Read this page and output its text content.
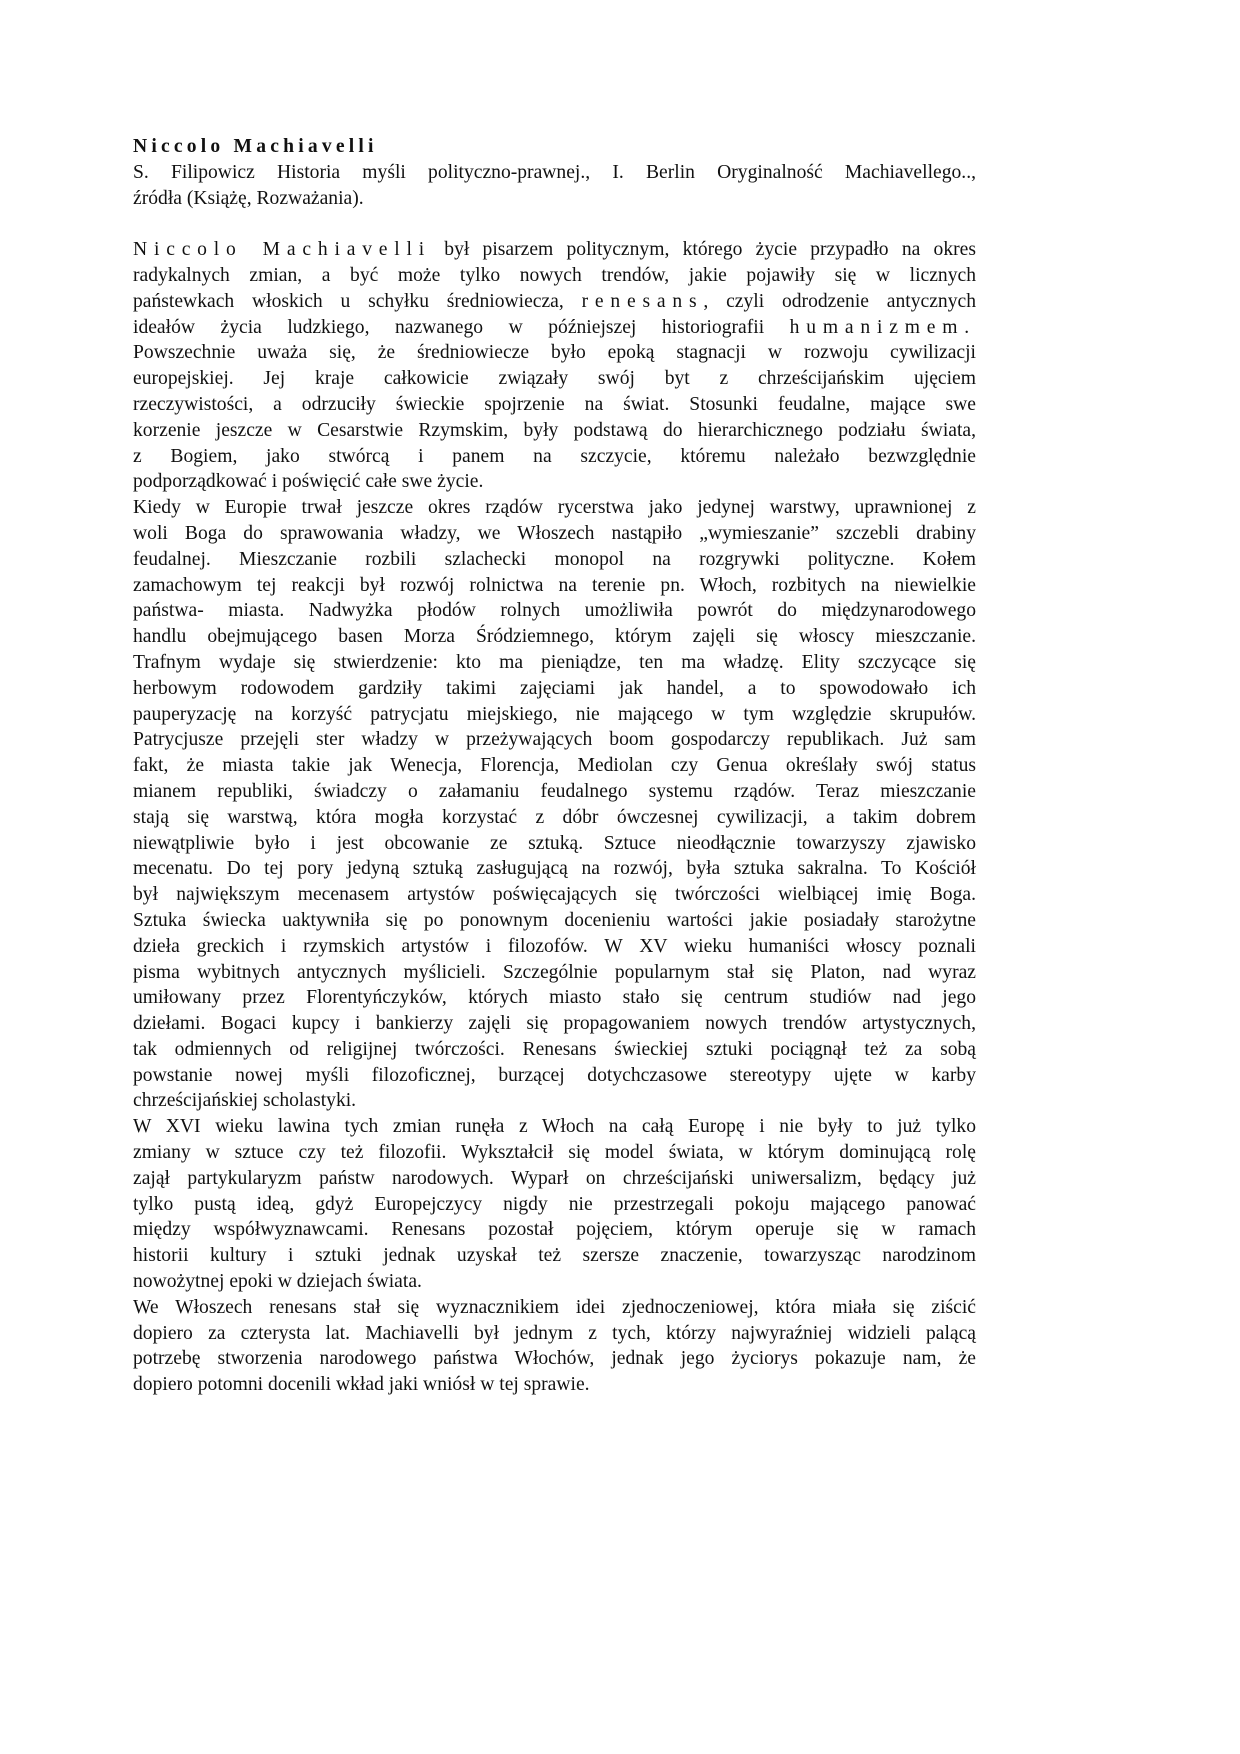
Niccolo Machiavelli
S. Filipowicz Historia myśli polityczno-prawnej., I. Berlin Oryginalność Machiavellego..,
źródła (Książę, Rozważania).
Niccolo Machiavelli był pisarzem politycznym, którego życie przypadło na okres
radykalnych zmian, a być może tylko nowych trendów, jakie pojawiły się w licznych
państewkach włoskich u schyłku średniowiecza, renesans, czyli odrodzenie antycznych
ideałów życia ludzkiego, nazwanego w późniejszej historiografii humanizmem.
Powszechnie uważa się, że średniowiecze było epoką stagnacji w rozwoju cywilizacji
europejskiej. Jej kraje całkowicie związały swój byt z chrześcijańskim ujęciem
rzeczywistości, a odrzuciły świeckie spojrzenie na świat. Stosunki feudalne, mające swe
korzenie jeszcze w Cesarstwie Rzymskim, były podstawą do hierarchicznego podziału świata,
z Bogiem, jako stwórcą i panem na szczycie, któremu należało bezwzględnie
podporządkować i poświęcić całe swe życie.
Kiedy w Europie trwał jeszcze okres rządów rycerstwa jako jedynej warstwy, uprawnionej z
woli Boga do sprawowania władzy, we Włoszech nastąpiło „wymieszanie” szczebli drabiny
feudalnej. Mieszczanie rozbili szlachecki monopol na rozgrywki polityczne. Kołem
zamachowym tej reakcji był rozwój rolnictwa na terenie pn. Włoch, rozbitych na niewielkie
państwa- miasta. Nadwyżka płodów rolnych umożliwiła powrót do międzynarodowego
handlu obejmującego basen Morza Śródziemnego, którym zajęli się włoscy mieszczanie.
Trafnym wydaje się stwierdzenie: kto ma pieniądze, ten ma władzę. Elity szczycące się
herbowym rodowodem gardziły takimi zajęciami jak handel, a to spowodowało ich
pauperyzację na korzyść patrycjatu miejskiego, nie mającego w tym względzie skrupułów.
Patrycjusze przejęli ster władzy w przeżywających boom gospodarczy republikach. Już sam
fakt, że miasta takie jak Wenecja, Florencja, Mediolan czy Genua określały swój status
mianem republiki, świadczy o załamaniu feudalnego systemu rządów. Teraz mieszczanie
stają się warstwą, która mogła korzystać z dóbr ówczesnej cywilizacji, a takim dobrem
niewątpliwie było i jest obcowanie ze sztuką. Sztuce nieodłącznie towarzyszy zjawisko
mecenatu. Do tej pory jedyną sztuką zasługującą na rozwój, była sztuka sakralna. To Kościół
był największym mecenasem artystów poświęcających się twórczości wielbiącej imię Boga.
Sztuka świecka uaktywniła się po ponownym docenieniu wartości jakie posiadały starożytne
dzieła greckich i rzymskich artystów i filozofów. W XV wieku humaniści włoscy poznali
pisma wybitnych antycznych myślicieli. Szczególnie popularnym stał się Platon, nad wyraz
umiłowany przez Florentyńczyków, których miasto stało się centrum studiów nad jego
dziełami. Bogaci kupcy i bankierzy zajęli się propagowaniem nowych trendów artystycznych,
tak odmiennych od religijnej twórczości. Renesans świeckiej sztuki pociągnął też za sobą
powstanie nowej myśli filozoficznej, burzącej dotychczasowe stereotypy ujęte w karby
chrześcijańskiej scholastyki.
W XVI wieku lawina tych zmian runęła z Włoch na całą Europę i nie były to już tylko
zmiany w sztuce czy też filozofii. Wykształcił się model świata, w którym dominującą rolę
zajął partykularyzm państw narodowych. Wyparł on chrześcijański uniwersalizm, będący już
tylko pustą ideą, gdyż Europejczycy nigdy nie przestrzegali pokoju mającego panować
między współwyznawcami. Renesans pozostał pojęciem, którym operuje się w ramach
historii kultury i sztuki jednak uzyskał też szersze znaczenie, towarzysząc narodzinom
nowożytnej epoki w dziejach świata.
We Włoszech renesans stał się wyznacznikiem idei zjednoczeniowej, która miała się ziścić
dopiero za czterysta lat. Machiavelli był jednym z tych, którzy najwyraźniej widzieli palącą
potrzebę stworzenia narodowego państwa Włochów, jednak jego życiorys pokazuje nam, że
dopiero potomni docenili wkład jaki wniósł w tej sprawie.
